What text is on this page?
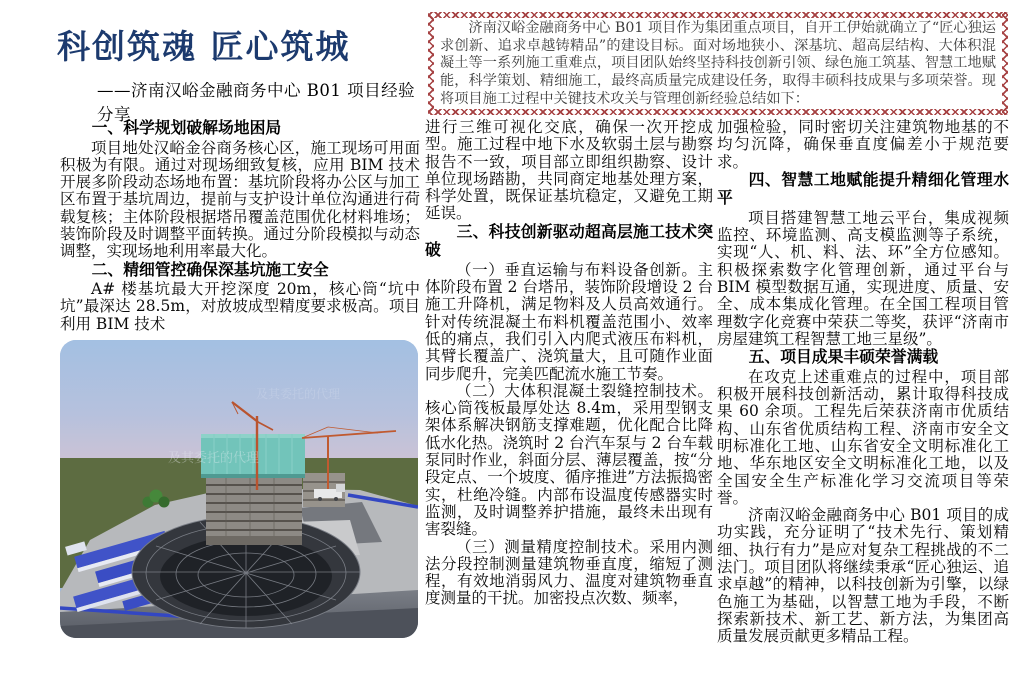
科创筑魂 匠心筑城
——济南汉峪金融商务中心 B01 项目经验分享
济南汉峪金融商务中心 B01 项目作为集团重点项目，自开工伊始就确立了“匠心独运求创新、追求卓越铸精品”的建设目标。面对场地狭小、深基坑、超高层结构、大体积混凝土等一系列施工重难点，项目团队始终坚持科技创新引领、绿色施工筑基、智慧工地赋能，科学策划、精细施工，最终高质量完成建设任务，取得丰硕科技成果与多项荣誉。现将项目施工过程中关键技术攻关与管理创新经验总结如下：
一、科学规划破解场地困局

项目地处汉峪金谷商务核心区，施工现场可用面积极为有限。通过对现场细致复核，应用 BIM 技术开展多阶段动态场地布置：基坑阶段将办公区与加工区布置于基坑周边，提前与支护设计单位沟通进行荷载复核；主体阶段根据塔吊覆盖范围优化材料堆场；装饰阶段及时调整平面转换。通过分阶段模拟与动态调整，实现场地利用率最大化。

二、精细管控确保深基坑施工安全

A# 楼基坑最大开挖深度 20m，核心筒“坑中坑”最深达 28.5m，对放坡成型精度要求极高。项目利用 BIM 技术

及其委托的代理
及其委托的代理

进行三维可视化交底，确保一次开挖成型。施工过程中地下水及软弱土层与勘察报告不一致，项目部立即组织勘察、设计单位现场踏勘，共同商定地基处理方案，科学处置，既保证基坑稳定，又避免工期延误。

三、科技创新驱动超高层施工技术突破

（一）垂直运输与布料设备创新。主体阶段布置 2 台塔吊，装饰阶段增设 2 台施工升降机，满足物料及人员高效通行。针对传统混凝土布料机覆盖范围小、效率低的痛点，我们引入内爬式液压布料机，其臂长覆盖广、浇筑量大，且可随作业面同步爬升，完美匹配流水施工节奏。

（二）大体积混凝土裂缝控制技术。核心筒筏板最厚处达 8.4m，采用型钢支架体系解决钢筋支撑难题，优化配合比降低水化热。浇筑时 2 台汽车泵与 2 台车载泵同时作业，斜面分层、薄层覆盖，按“分段定点、一个坡度、循序推进”方法振捣密实，杜绝冷缝。内部布设温度传感器实时监测，及时调整养护措施，最终未出现有害裂缝。

（三）测量精度控制技术。采用内测法分段控制测量建筑物垂直度，缩短了测程，有效地消弱风力、温度对建筑物垂直度测量的干扰。加密投点次数、频率，

加强检验，同时密切关注建筑物地基的不均匀沉降，确保垂直度偏差小于规范要求。

四、智慧工地赋能提升精细化管理水平

项目搭建智慧工地云平台，集成视频监控、环境监测、高支模监测等子系统，实现“人、机、料、法、环”全方位感知。积极探索数字化管理创新，通过平台与 BIM 模型数据互通，实现进度、质量、安全、成本集成化管理。在全国工程项目管理数字化竞赛中荣获二等奖，获评“济南市房屋建筑工程智慧工地三星级”。

五、项目成果丰硕荣誉满载

在攻克上述重难点的过程中，项目部积极开展科技创新活动，累计取得科技成果 60 余项。工程先后荣获济南市优质结构、山东省优质结构工程、济南市安全文明标准化工地、山东省安全文明标准化工地、华东地区安全文明标准化工地，以及全国安全生产标准化学习交流项目等荣誉。

济南汉峪金融商务中心 B01 项目的成功实践，充分证明了“技术先行、策划精细、执行有力”是应对复杂工程挑战的不二法门。项目团队将继续秉承“匠心独运、追求卓越”的精神，以科技创新为引擎，以绿色施工为基础，以智慧工地为手段，不断探索新技术、新工艺、新方法，为集团高质量发展贡献更多精品工程。
